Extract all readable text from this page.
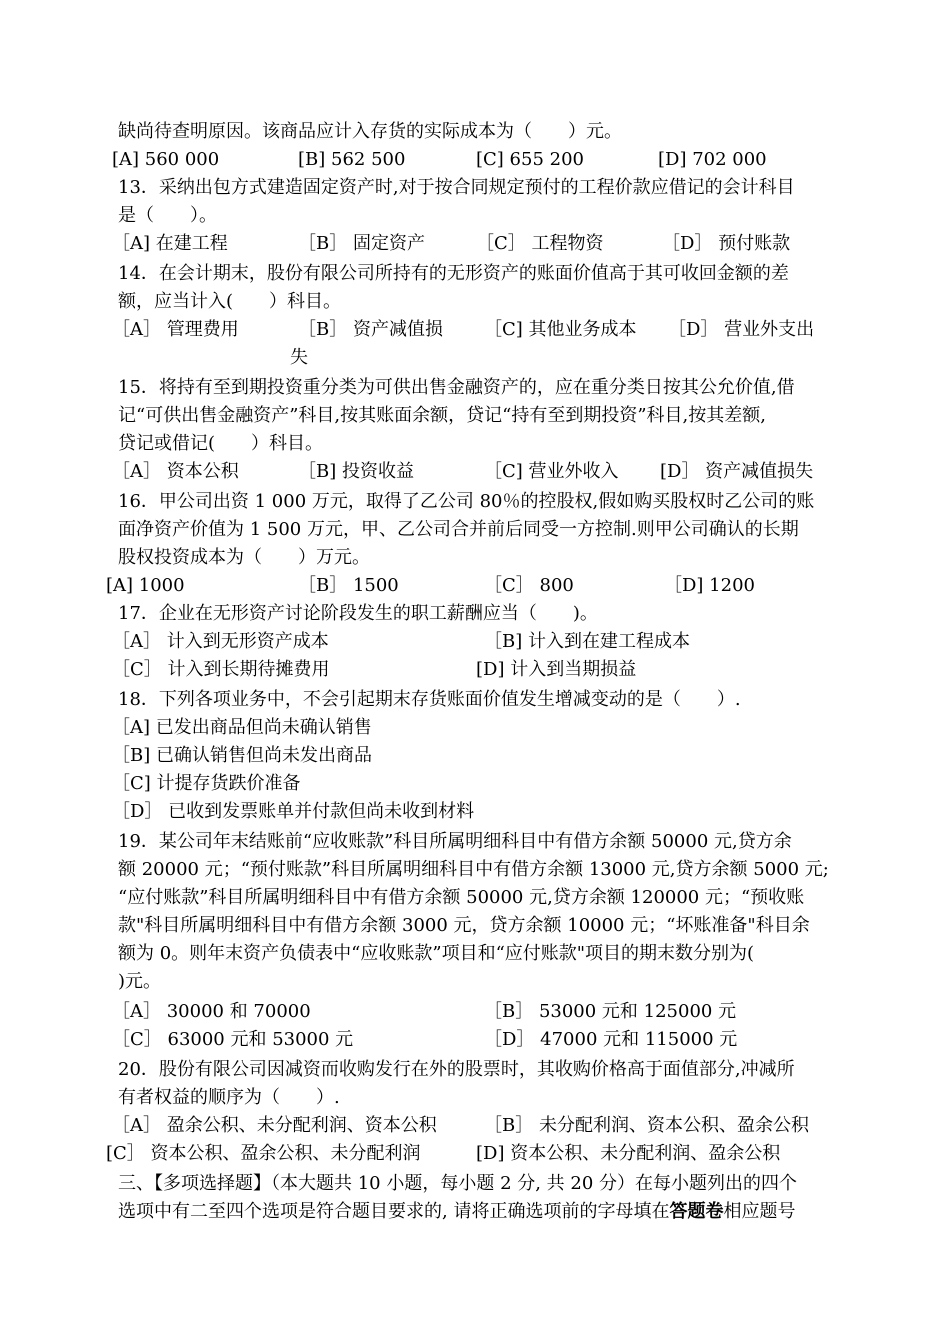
缺尚待查明原因。该商品应计入存货的实际成本为（　　）元。
[A] 560 000	[B] 562 500	[C] 655 200	[D] 702 000
13．采纳出包方式建造固定资产时,对于按合同规定预付的工程价款应借记的会计科目
是（　　）。
［A] 在建工程	［B］ 固定资产	［C］ 工程物资	［D］ 预付账款
14．在会计期末，股份有限公司所持有的无形资产的账面价值高于其可收回金额的差
额，应当计入(　　）科目。
［A］ 管理费用	［B］ 资产减值损 ［C] 其他业务成本 ［D］ 营业外支出
失
15．将持有至到期投资重分类为可供出售金融资产的，应在重分类日按其公允价值,借
记“可供出售金融资产”科目,按其账面余额，贷记“持有至到期投资”科目,按其差额,
贷记或借记(　　）科目。
［A］ 资本公积	［B] 投资收益	［C] 营业外收入 [D］ 资产减值损失
16．甲公司出资 1 000 万元，取得了乙公司 80％的控股权,假如购买股权时乙公司的账
面净资产价值为 1 500 万元，甲、乙公司合并前后同受一方控制.则甲公司确认的长期
股权投资成本为（　　）万元。
[A] 1000	［B］ 1500	［C］ 800	［D] 1200
17．企业在无形资产讨论阶段发生的职工薪酬应当（　　)。
［A］ 计入到无形资产成本	［B] 计入到在建工程成本
［C］ 计入到长期待摊费用	[D] 计入到当期损益
18．下列各项业务中，不会引起期末存货账面价值发生增减变动的是（　　）.
［A] 已发出商品但尚未确认销售
［B] 已确认销售但尚未发出商品
［C] 计提存货跌价准备
［D］ 已收到发票账单并付款但尚未收到材料
19．某公司年末结账前“应收账款”科目所属明细科目中有借方余额 50000 元,贷方余
额 20000 元；“预付账款”科目所属明细科目中有借方余额 13000 元,贷方余额 5000 元;
“应付账款”科目所属明细科目中有借方余额 50000 元,贷方余额 120000 元；“预收账
款"科目所属明细科目中有借方余额 3000 元，贷方余额 10000 元；“坏账准备"科目余
额为 0。则年末资产负债表中“应收账款”项目和“应付账款"项目的期末数分别为(
)元。
［A］ 30000 和 70000	［B］ 53000 元和 125000 元
［C］ 63000 元和 53000 元	［D］ 47000 元和 115000 元
20．股份有限公司因减资而收购发行在外的股票时，其收购价格高于面值部分,冲减所
有者权益的顺序为（　　）.
［A］ 盈余公积、未分配利润、资本公积	［B］ 未分配利润、资本公积、盈余公积
[C］ 资本公积、盈余公积、未分配利润	[D] 资本公积、未分配利润、盈余公积
三、【多项选择题】（本大题共 10 小题，每小题 2 分, 共 20 分）在每小题列出的四个
选项中有二至四个选项是符合题目要求的, 请将正确选项前的字母填在答题卷相应题号
